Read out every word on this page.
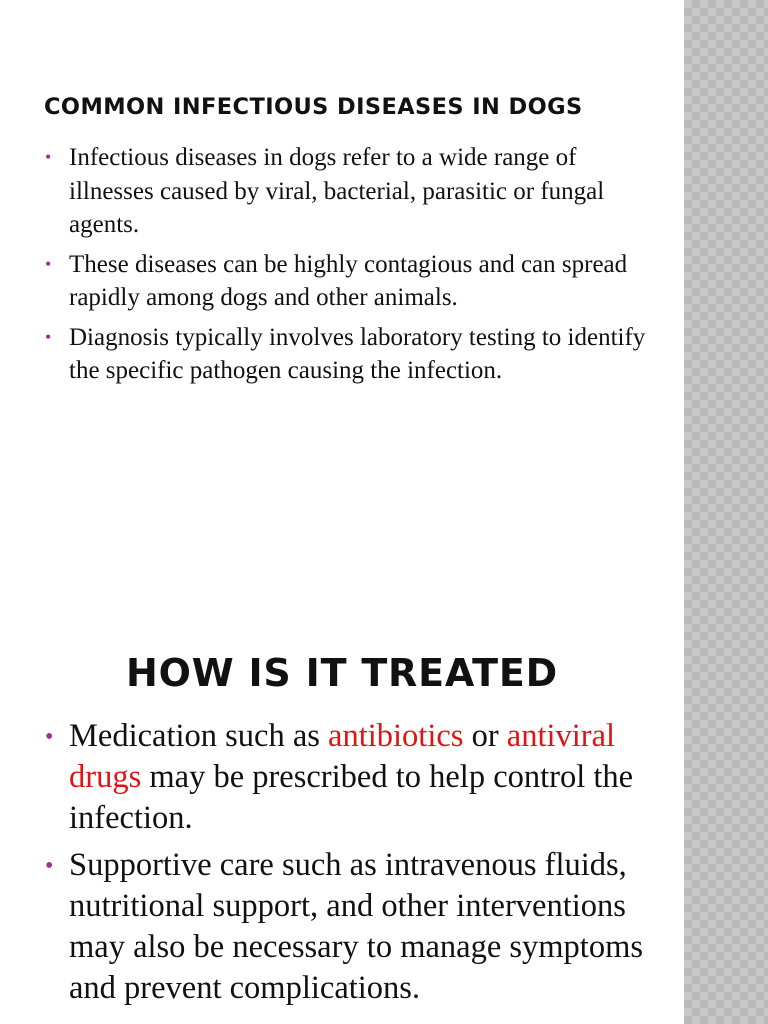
COMMON INFECTIOUS DISEASES IN DOGS
• Infectious diseases in dogs refer to a wide range of illnesses caused by viral, bacterial, parasitic or fungal agents.
• These diseases can be highly contagious and can spread rapidly among dogs and other animals.
• Diagnosis typically involves laboratory testing to identify the specific pathogen causing the infection.
HOW IS IT TREATED
• Medication such as antibiotics or antiviral drugs may be prescribed to help control the infection.
• Supportive care such as intravenous fluids, nutritional support, and other interventions may also be necessary to manage symptoms and prevent complications.
